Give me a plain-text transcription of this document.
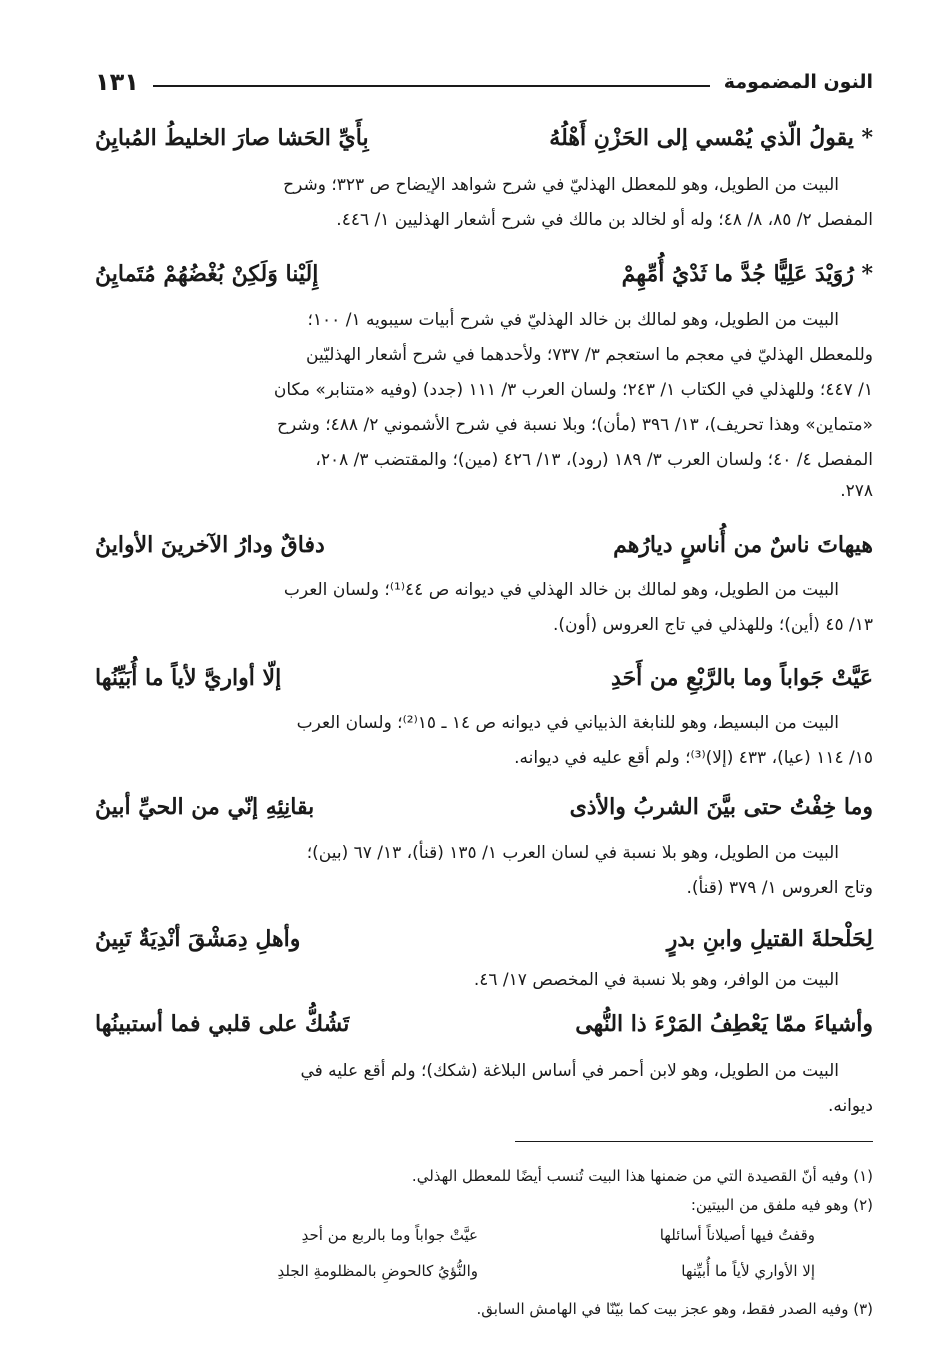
النون المضمومة
١٣١
* يقولُ الّذي يُمْسي إلى الحَزْنِ أَهْلُهُ
بِأَيِّ الحَشا صارَ الخليطُ المُبايِنُ
البيت من الطويل، وهو للمعطل الهذليّ في شرح شواهد الإيضاح ص ٣٢٣؛ وشرح
المفصل ٢/ ٨٥، ٨/ ٤٨؛ وله أو لخالد بن مالك في شرح أشعار الهذليين ١/ ٤٤٦.
* رُوَيْدَ عَلِيًّا جُدَّ ما ثَدْيُ أُمِّهِمْ
إِلَيْنا وَلَكِنْ بُغْضُهُمْ مُتَمايِنُ
البيت من الطويل، وهو لمالك بن خالد الهذليّ في شرح أبيات سيبويه ١/ ١٠٠؛
وللمعطل الهذليّ في معجم ما استعجم ٣/ ٧٣٧؛ ولأحدهما في شرح أشعار الهذليّين
١/ ٤٤٧؛ وللهذلي في الكتاب ١/ ٢٤٣؛ ولسان العرب ٣/ ١١١ (جدد) (وفيه «متنابر» مكان
«متماين» وهذا تحريف)، ١٣/ ٣٩٦ (مأن)؛ وبلا نسبة في شرح الأشموني ٢/ ٤٨٨؛ وشرح
المفصل ٤/ ٤٠؛ ولسان العرب ٣/ ١٨٩ (رود)، ١٣/ ٤٢٦ (مين)؛ والمقتضب ٣/ ٢٠٨،
٢٧٨.
هيهاتَ ناسٌ من أُناسٍ ديارُهم
دفاقٌ ودارُ الآخرينَ الأواينُ
البيت من الطويل، وهو لمالك بن خالد الهذلي في ديوانه ص ٤٤⁽¹⁾؛ ولسان العرب
١٣/ ٤٥ (أين)؛ وللهذلي في تاج العروس (أون).
عَيَّتْ جَواباً وما بالرَّبْعِ من أَحَدِ
إلّا أواريَّ لأياً ما أُبَيِّنُها
البيت من البسيط، وهو للنابغة الذبياني في ديوانه ص ١٤ ـ ١٥⁽²⁾؛ ولسان العرب
١٥/ ١١٤ (عيا)، ٤٣٣ (إلا)⁽³⁾؛ ولم أقع عليه في ديوانه.
وما خِفْتُ حتى بيَّنَ الشربُ والأذى
بقانِئِهِ إنّي من الحيِّ أبينُ
البيت من الطويل، وهو بلا نسبة في لسان العرب ١/ ١٣٥ (قنأ)، ١٣/ ٦٧ (بين)؛
وتاج العروس ١/ ٣٧٩ (قنأ).
لِحَلْحلةَ القتيلِ وابنِ بدرٍ
وأهلِ دِمَشْقَ أنْدِيَةٌ تَبِينُ
البيت من الوافر، وهو بلا نسبة في المخصص ١٧/ ٤٦.
وأشياءَ ممّا يَعْطِفُ المَرْءَ ذا النُّهى
تَشُكُّ على قلبي فما أستبينُها
البيت من الطويل، وهو لابن أحمر في أساس البلاغة (شكك)؛ ولم أقع عليه في
ديوانه.
(١) وفيه أنّ القصيدة التي من ضمنها هذا البيت تُنسب أيضًا للمعطل الهذلي.
(٢) وهو فيه ملفق من البيتين:
وقفتُ فيها أصيلاناً أسائلها
عيَّتْ جواباً وما بالربع من أحدِ
إلا الأواري لأياً ما أُبيِّنها
والنُّؤيُ كالحوضِ بالمظلومةِ الجلدِ
(٣) وفيه الصدر فقط، وهو عجز بيت كما بيّنّا في الهامش السابق.
